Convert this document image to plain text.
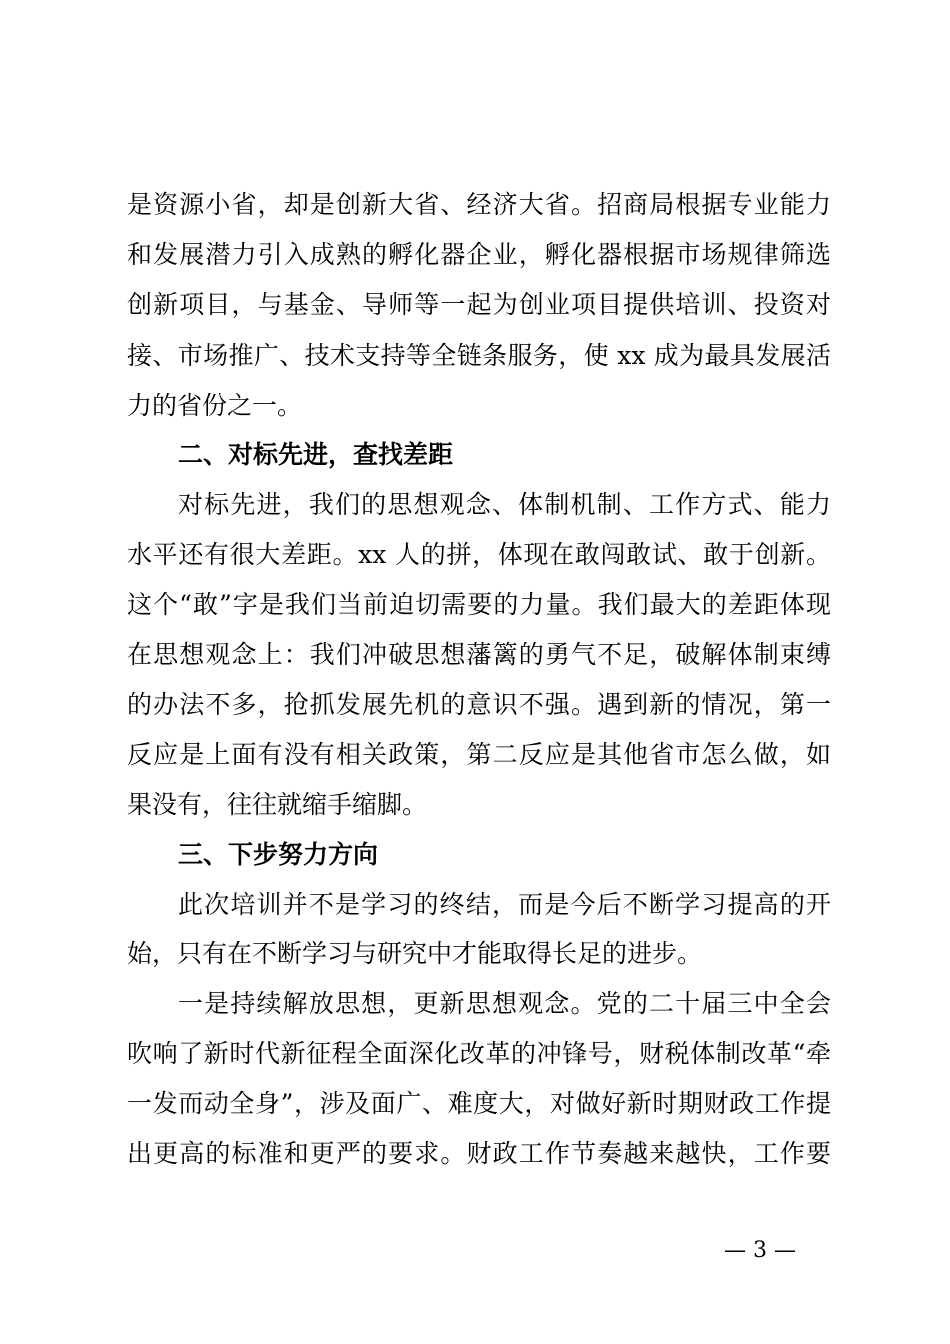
是资源小省，却是创新大省、经济大省。招商局根据专业能力
和发展潜力引入成熟的孵化器企业，孵化器根据市场规律筛选
创新项目，与基金、导师等一起为创业项目提供培训、投资对
接、市场推广、技术支持等全链条服务，使 xx 成为最具发展活
力的省份之一。
二、对标先进，查找差距
对标先进，我们的思想观念、体制机制、工作方式、能力
水平还有很大差距。xx 人的拼，体现在敢闯敢试、敢于创新。
这个“敢”字是我们当前迫切需要的力量。我们最大的差距体现
在思想观念上：我们冲破思想藩篱的勇气不足，破解体制束缚
的办法不多，抢抓发展先机的意识不强。遇到新的情况，第一
反应是上面有没有相关政策，第二反应是其他省市怎么做，如
果没有，往往就缩手缩脚。
三、下步努力方向
此次培训并不是学习的终结，而是今后不断学习提高的开
始，只有在不断学习与研究中才能取得长足的进步。
一是持续解放思想，更新思想观念。党的二十届三中全会
吹响了新时代新征程全面深化改革的冲锋号，财税体制改革“牵
一发而动全身”，涉及面广、难度大，对做好新时期财政工作提
出更高的标准和更严的要求。财政工作节奏越来越快，工作要
— 3 —
